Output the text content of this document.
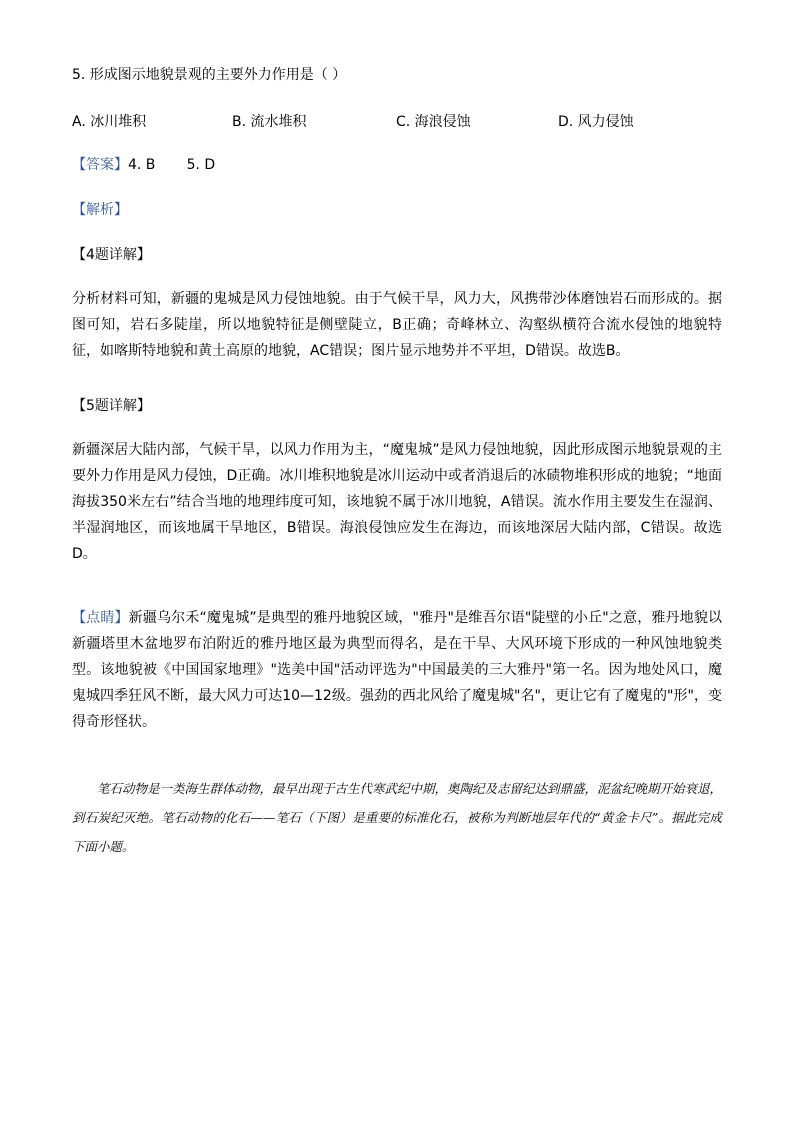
5. 形成图示地貌景观的主要外力作用是（ ）
A. 冰川堆积	B. 流水堆积	C. 海浪侵蚀	D. 风力侵蚀
【答案】4. B       5. D
【解析】
【4题详解】
分析材料可知，新疆的鬼城是风力侵蚀地貌。由于气候干旱，风力大，风携带沙体磨蚀岩石而形成的。据图可知，岩石多陡崖，所以地貌特征是侧壁陡立，B正确；奇峰林立、沟壑纵横符合流水侵蚀的地貌特征，如喀斯特地貌和黄土高原的地貌，AC错误；图片显示地势并不平坦，D错误。故选B。
【5题详解】
新疆深居大陆内部，气候干旱，以风力作用为主，“魔鬼城”是风力侵蚀地貌，因此形成图示地貌景观的主要外力作用是风力侵蚀，D正确。冰川堆积地貌是冰川运动中或者消退后的冰碛物堆积形成的地貌；“地面海拔350米左右”结合当地的地理纬度可知，该地貌不属于冰川地貌，A错误。流水作用主要发生在湿润、半湿润地区，而该地属干旱地区，B错误。海浪侵蚀应发生在海边，而该地深居大陆内部，C错误。故选D。
【点睛】新疆乌尔禾“魔鬼城”是典型的雅丹地貌区域，"雅丹"是维吾尔语"陡壁的小丘"之意，雅丹地貌以新疆塔里木盆地罗布泊附近的雅丹地区最为典型而得名，是在干旱、大风环境下形成的一种风蚀地貌类型。该地貌被《中国国家地理》"选美中国"活动评选为"中国最美的三大雅丹"第一名。因为地处风口，魔鬼城四季狂风不断，最大风力可达10—12级。强劲的西北风给了魔鬼城"名"，更让它有了魔鬼的"形"，变得奇形怪状。
笔石动物是一类海生群体动物，最早出现于古生代寒武纪中期，奥陶纪及志留纪达到鼎盛，泥盆纪晚期开始衰退，到石炭纪灭绝。笔石动物的化石——笔石（下图）是重要的标准化石，被称为判断地层年代的“黄金卡尺”。据此完成下面小题。
